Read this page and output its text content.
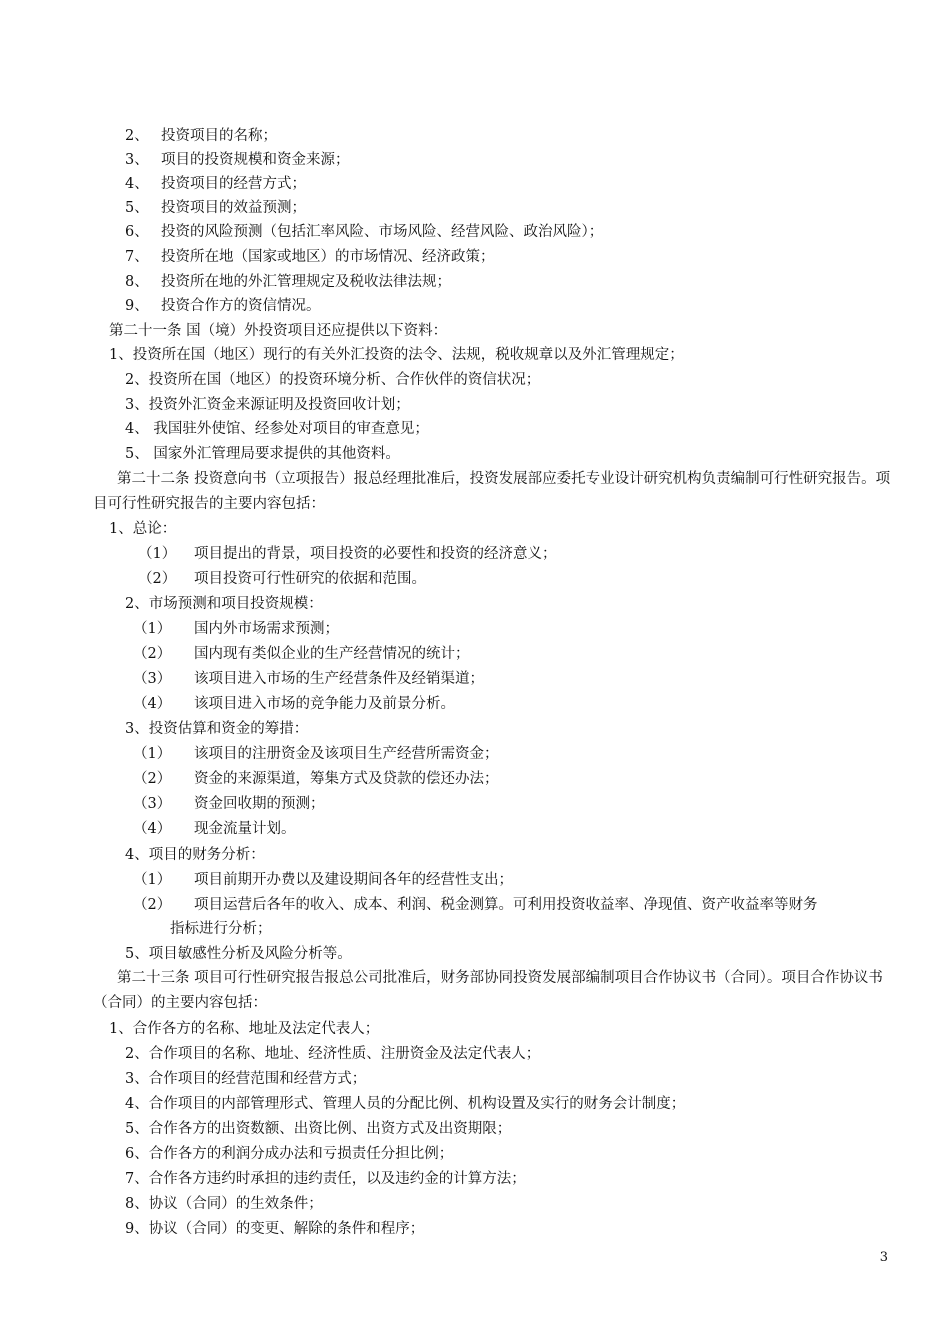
2、 投资项目的名称；
3、 项目的投资规模和资金来源；
4、 投资项目的经营方式；
5、 投资项目的效益预测；
6、 投资的风险预测（包括汇率风险、市场风险、经营风险、政治风险）；
7、 投资所在地（国家或地区）的市场情况、经济政策；
8、 投资所在地的外汇管理规定及税收法律法规；
9、 投资合作方的资信情况。
第二十一条 国（境）外投资项目还应提供以下资料：
1、投资所在国（地区）现行的有关外汇投资的法令、法规，税收规章以及外汇管理规定；
2、投资所在国（地区）的投资环境分析、合作伙伴的资信状况；
3、投资外汇资金来源证明及投资回收计划；
4、 我国驻外使馆、经参处对项目的审查意见；
5、 国家外汇管理局要求提供的其他资料。
第二十二条 投资意向书（立项报告）报总经理批准后，投资发展部应委托专业设计研究机构负责编制可行性研究报告。项目可行性研究报告的主要内容包括：
1、总论：
（1） 项目提出的背景，项目投资的必要性和投资的经济意义；
（2） 项目投资可行性研究的依据和范围。
2、市场预测和项目投资规模：
（1） 国内外市场需求预测；
（2） 国内现有类似企业的生产经营情况的统计；
（3） 该项目进入市场的生产经营条件及经销渠道；
（4） 该项目进入市场的竞争能力及前景分析。
3、投资估算和资金的筹措：
（1） 该项目的注册资金及该项目生产经营所需资金；
（2） 资金的来源渠道，筹集方式及贷款的偿还办法；
（3） 资金回收期的预测；
（4） 现金流量计划。
4、项目的财务分析：
（1） 项目前期开办费以及建设期间各年的经营性支出；
（2） 项目运营后各年的收入、成本、利润、税金测算。可利用投资收益率、净现值、资产收益率等财务
指标进行分析；
5、项目敏感性分析及风险分析等。
第二十三条 项目可行性研究报告报总公司批准后，财务部协同投资发展部编制项目合作协议书（合同）。项目合作协议书（合同）的主要内容包括：
1、合作各方的名称、地址及法定代表人；
2、合作项目的名称、地址、经济性质、注册资金及法定代表人；
3、合作项目的经营范围和经营方式；
4、合作项目的内部管理形式、管理人员的分配比例、机构设置及实行的财务会计制度；
5、合作各方的出资数额、出资比例、出资方式及出资期限；
6、合作各方的利润分成办法和亏损责任分担比例；
7、合作各方违约时承担的违约责任，以及违约金的计算方法；
8、协议（合同）的生效条件；
9、协议（合同）的变更、解除的条件和程序；
3
